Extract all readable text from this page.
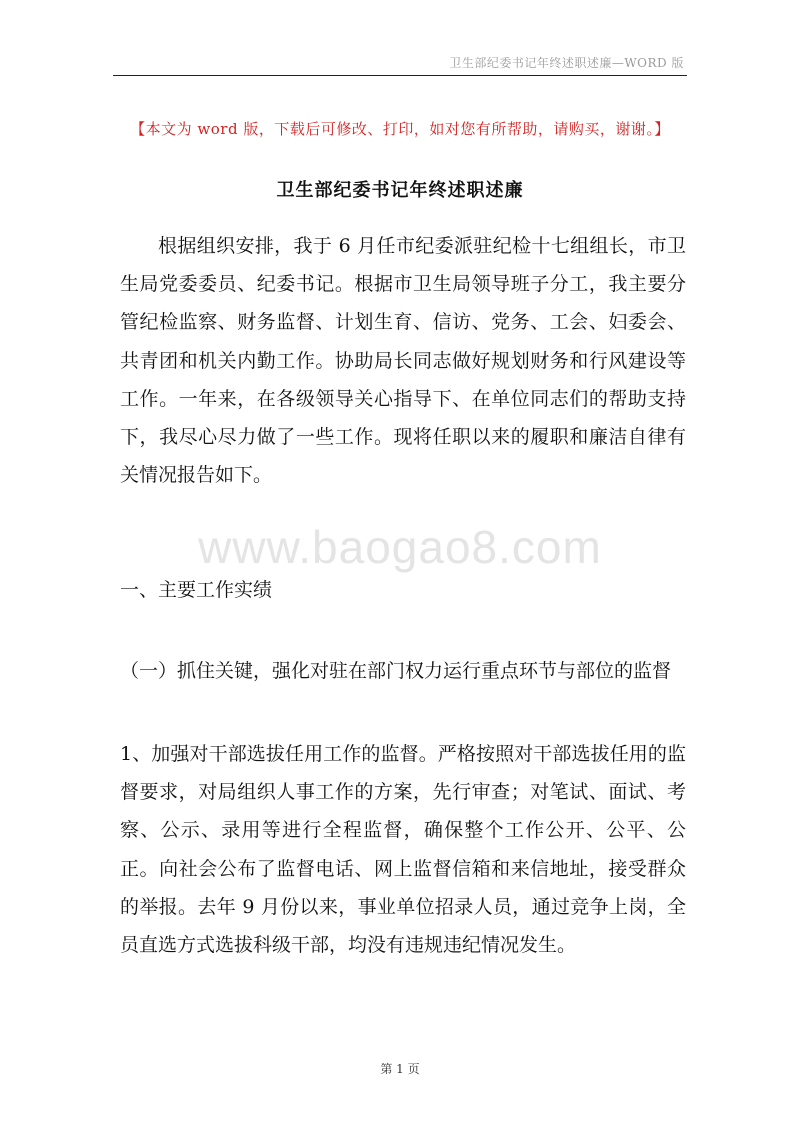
卫生部纪委书记年终述职述廉—WORD 版
【本文为 word 版，下载后可修改、打印，如对您有所帮助，请购买，谢谢。】
卫生部纪委书记年终述职述廉
根据组织安排，我于 6 月任市纪委派驻纪检十七组组长，市卫生局党委委员、纪委书记。根据市卫生局领导班子分工，我主要分管纪检监察、财务监督、计划生育、信访、党务、工会、妇委会、共青团和机关内勤工作。协助局长同志做好规划财务和行风建设等工作。一年来，在各级领导关心指导下、在单位同志们的帮助支持下，我尽心尽力做了一些工作。现将任职以来的履职和廉洁自律有关情况报告如下。
www.baogao8.com
一、主要工作实绩
（一）抓住关键，强化对驻在部门权力运行重点环节与部位的监督
1、加强对干部选拔任用工作的监督。严格按照对干部选拔任用的监督要求，对局组织人事工作的方案，先行审查；对笔试、面试、考察、公示、录用等进行全程监督，确保整个工作公开、公平、公正。向社会公布了监督电话、网上监督信箱和来信地址，接受群众的举报。去年 9 月份以来，事业单位招录人员，通过竞争上岗，全员直选方式选拔科级干部，均没有违规违纪情况发生。
第 1 页
